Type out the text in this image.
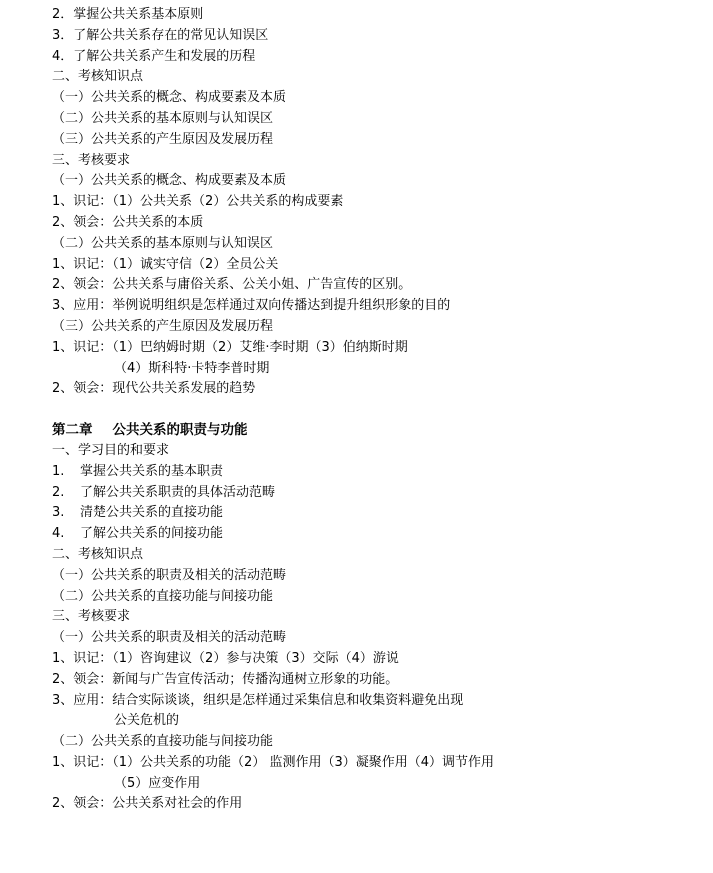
2．掌握公共关系基本原则
3．了解公共关系存在的常见认知误区
4．了解公共关系产生和发展的历程
二、考核知识点
（一）公共关系的概念、构成要素及本质
（二）公共关系的基本原则与认知误区
（三）公共关系的产生原因及发展历程
三、考核要求
（一）公共关系的概念、构成要素及本质
1、识记：（1）公共关系（2）公共关系的构成要素
2、领会：公共关系的本质
（二）公共关系的基本原则与认知误区
1、识记：（1）诚实守信（2）全员公关
2、领会：公共关系与庸俗关系、公关小姐、广告宣传的区别。
3、应用：举例说明组织是怎样通过双向传播达到提升组织形象的目的
（三）公共关系的产生原因及发展历程
1、识记：（1）巴纳姆时期（2）艾维·李时期（3）伯纳斯时期
（4）斯科特·卡特李普时期
2、领会：现代公共关系发展的趋势
第二章 公共关系的职责与功能
一、学习目的和要求
1. 掌握公共关系的基本职责
2. 了解公共关系职责的具体活动范畴
3. 清楚公共关系的直接功能
4. 了解公共关系的间接功能
二、考核知识点
（一）公共关系的职责及相关的活动范畴
（二）公共关系的直接功能与间接功能
三、考核要求
（一）公共关系的职责及相关的活动范畴
1、识记：（1）咨询建议（2）参与决策（3）交际（4）游说
2、领会：新闻与广告宣传活动；传播沟通树立形象的功能。
3、应用：结合实际谈谈，组织是怎样通过采集信息和收集资料避免出现
公关危机的
（二）公共关系的直接功能与间接功能
1、识记：（1）公共关系的功能（2） 监测作用（3）凝聚作用（4）调节作用
（5）应变作用
2、领会：公共关系对社会的作用
